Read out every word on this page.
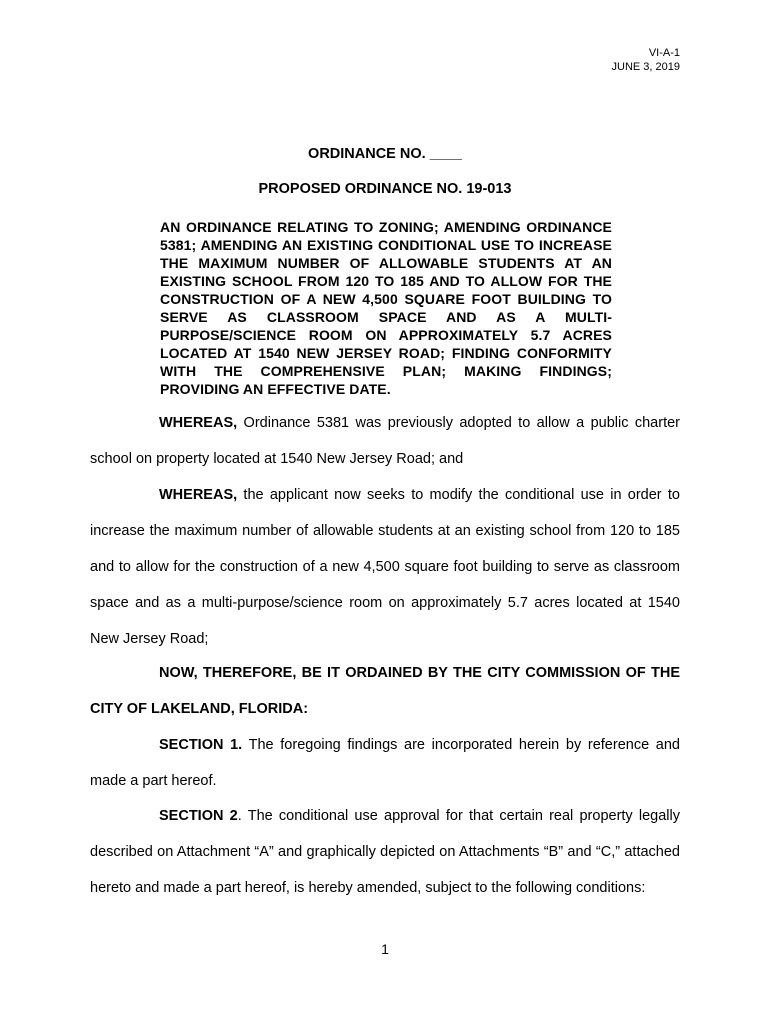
VI-A-1
JUNE 3, 2019
ORDINANCE NO. ____
PROPOSED ORDINANCE NO. 19-013
AN ORDINANCE RELATING TO ZONING; AMENDING ORDINANCE 5381; AMENDING AN EXISTING CONDITIONAL USE TO INCREASE THE MAXIMUM NUMBER OF ALLOWABLE STUDENTS AT AN EXISTING SCHOOL FROM 120 TO 185 AND TO ALLOW FOR THE CONSTRUCTION OF A NEW 4,500 SQUARE FOOT BUILDING TO SERVE AS CLASSROOM SPACE AND AS A MULTI-PURPOSE/SCIENCE ROOM ON APPROXIMATELY 5.7 ACRES LOCATED AT 1540 NEW JERSEY ROAD; FINDING CONFORMITY WITH THE COMPREHENSIVE PLAN; MAKING FINDINGS; PROVIDING AN EFFECTIVE DATE.

WHEREAS, Ordinance 5381 was previously adopted to allow a public charter school on property located at 1540 New Jersey Road; and

WHEREAS, the applicant now seeks to modify the conditional use in order to increase the maximum number of allowable students at an existing school from 120 to 185 and to allow for the construction of a new 4,500 square foot building to serve as classroom space and as a multi-purpose/science room on approximately 5.7 acres located at 1540 New Jersey Road;

NOW, THEREFORE, BE IT ORDAINED BY THE CITY COMMISSION OF THE CITY OF LAKELAND, FLORIDA:

SECTION 1. The foregoing findings are incorporated herein by reference and made a part hereof.

SECTION 2. The conditional use approval for that certain real property legally described on Attachment “A” and graphically depicted on Attachments “B” and “C,” attached hereto and made a part hereof, is hereby amended, subject to the following conditions:

1
